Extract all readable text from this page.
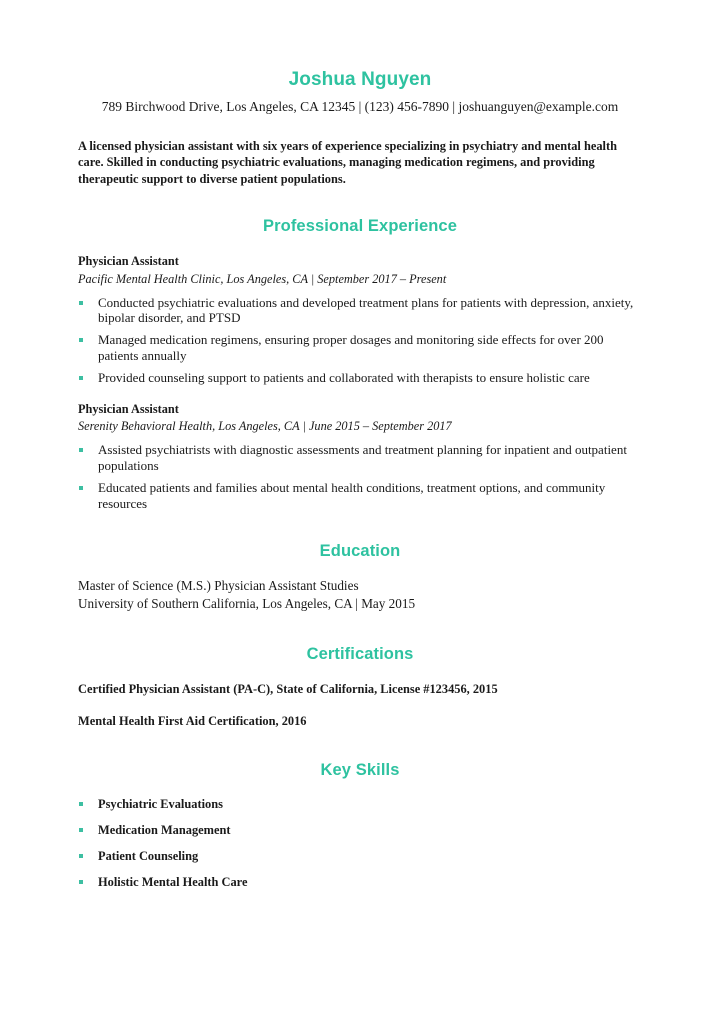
Joshua Nguyen
789 Birchwood Drive, Los Angeles, CA 12345 | (123) 456-7890 | joshuanguyen@example.com
A licensed physician assistant with six years of experience specializing in psychiatry and mental health care. Skilled in conducting psychiatric evaluations, managing medication regimens, and providing therapeutic support to diverse patient populations.
Professional Experience
Physician Assistant
Pacific Mental Health Clinic, Los Angeles, CA | September 2017 – Present
Conducted psychiatric evaluations and developed treatment plans for patients with depression, anxiety, bipolar disorder, and PTSD
Managed medication regimens, ensuring proper dosages and monitoring side effects for over 200 patients annually
Provided counseling support to patients and collaborated with therapists to ensure holistic care
Physician Assistant
Serenity Behavioral Health, Los Angeles, CA | June 2015 – September 2017
Assisted psychiatrists with diagnostic assessments and treatment planning for inpatient and outpatient populations
Educated patients and families about mental health conditions, treatment options, and community resources
Education
Master of Science (M.S.) Physician Assistant Studies
University of Southern California, Los Angeles, CA | May 2015
Certifications
Certified Physician Assistant (PA-C), State of California, License #123456, 2015
Mental Health First Aid Certification, 2016
Key Skills
Psychiatric Evaluations
Medication Management
Patient Counseling
Holistic Mental Health Care
